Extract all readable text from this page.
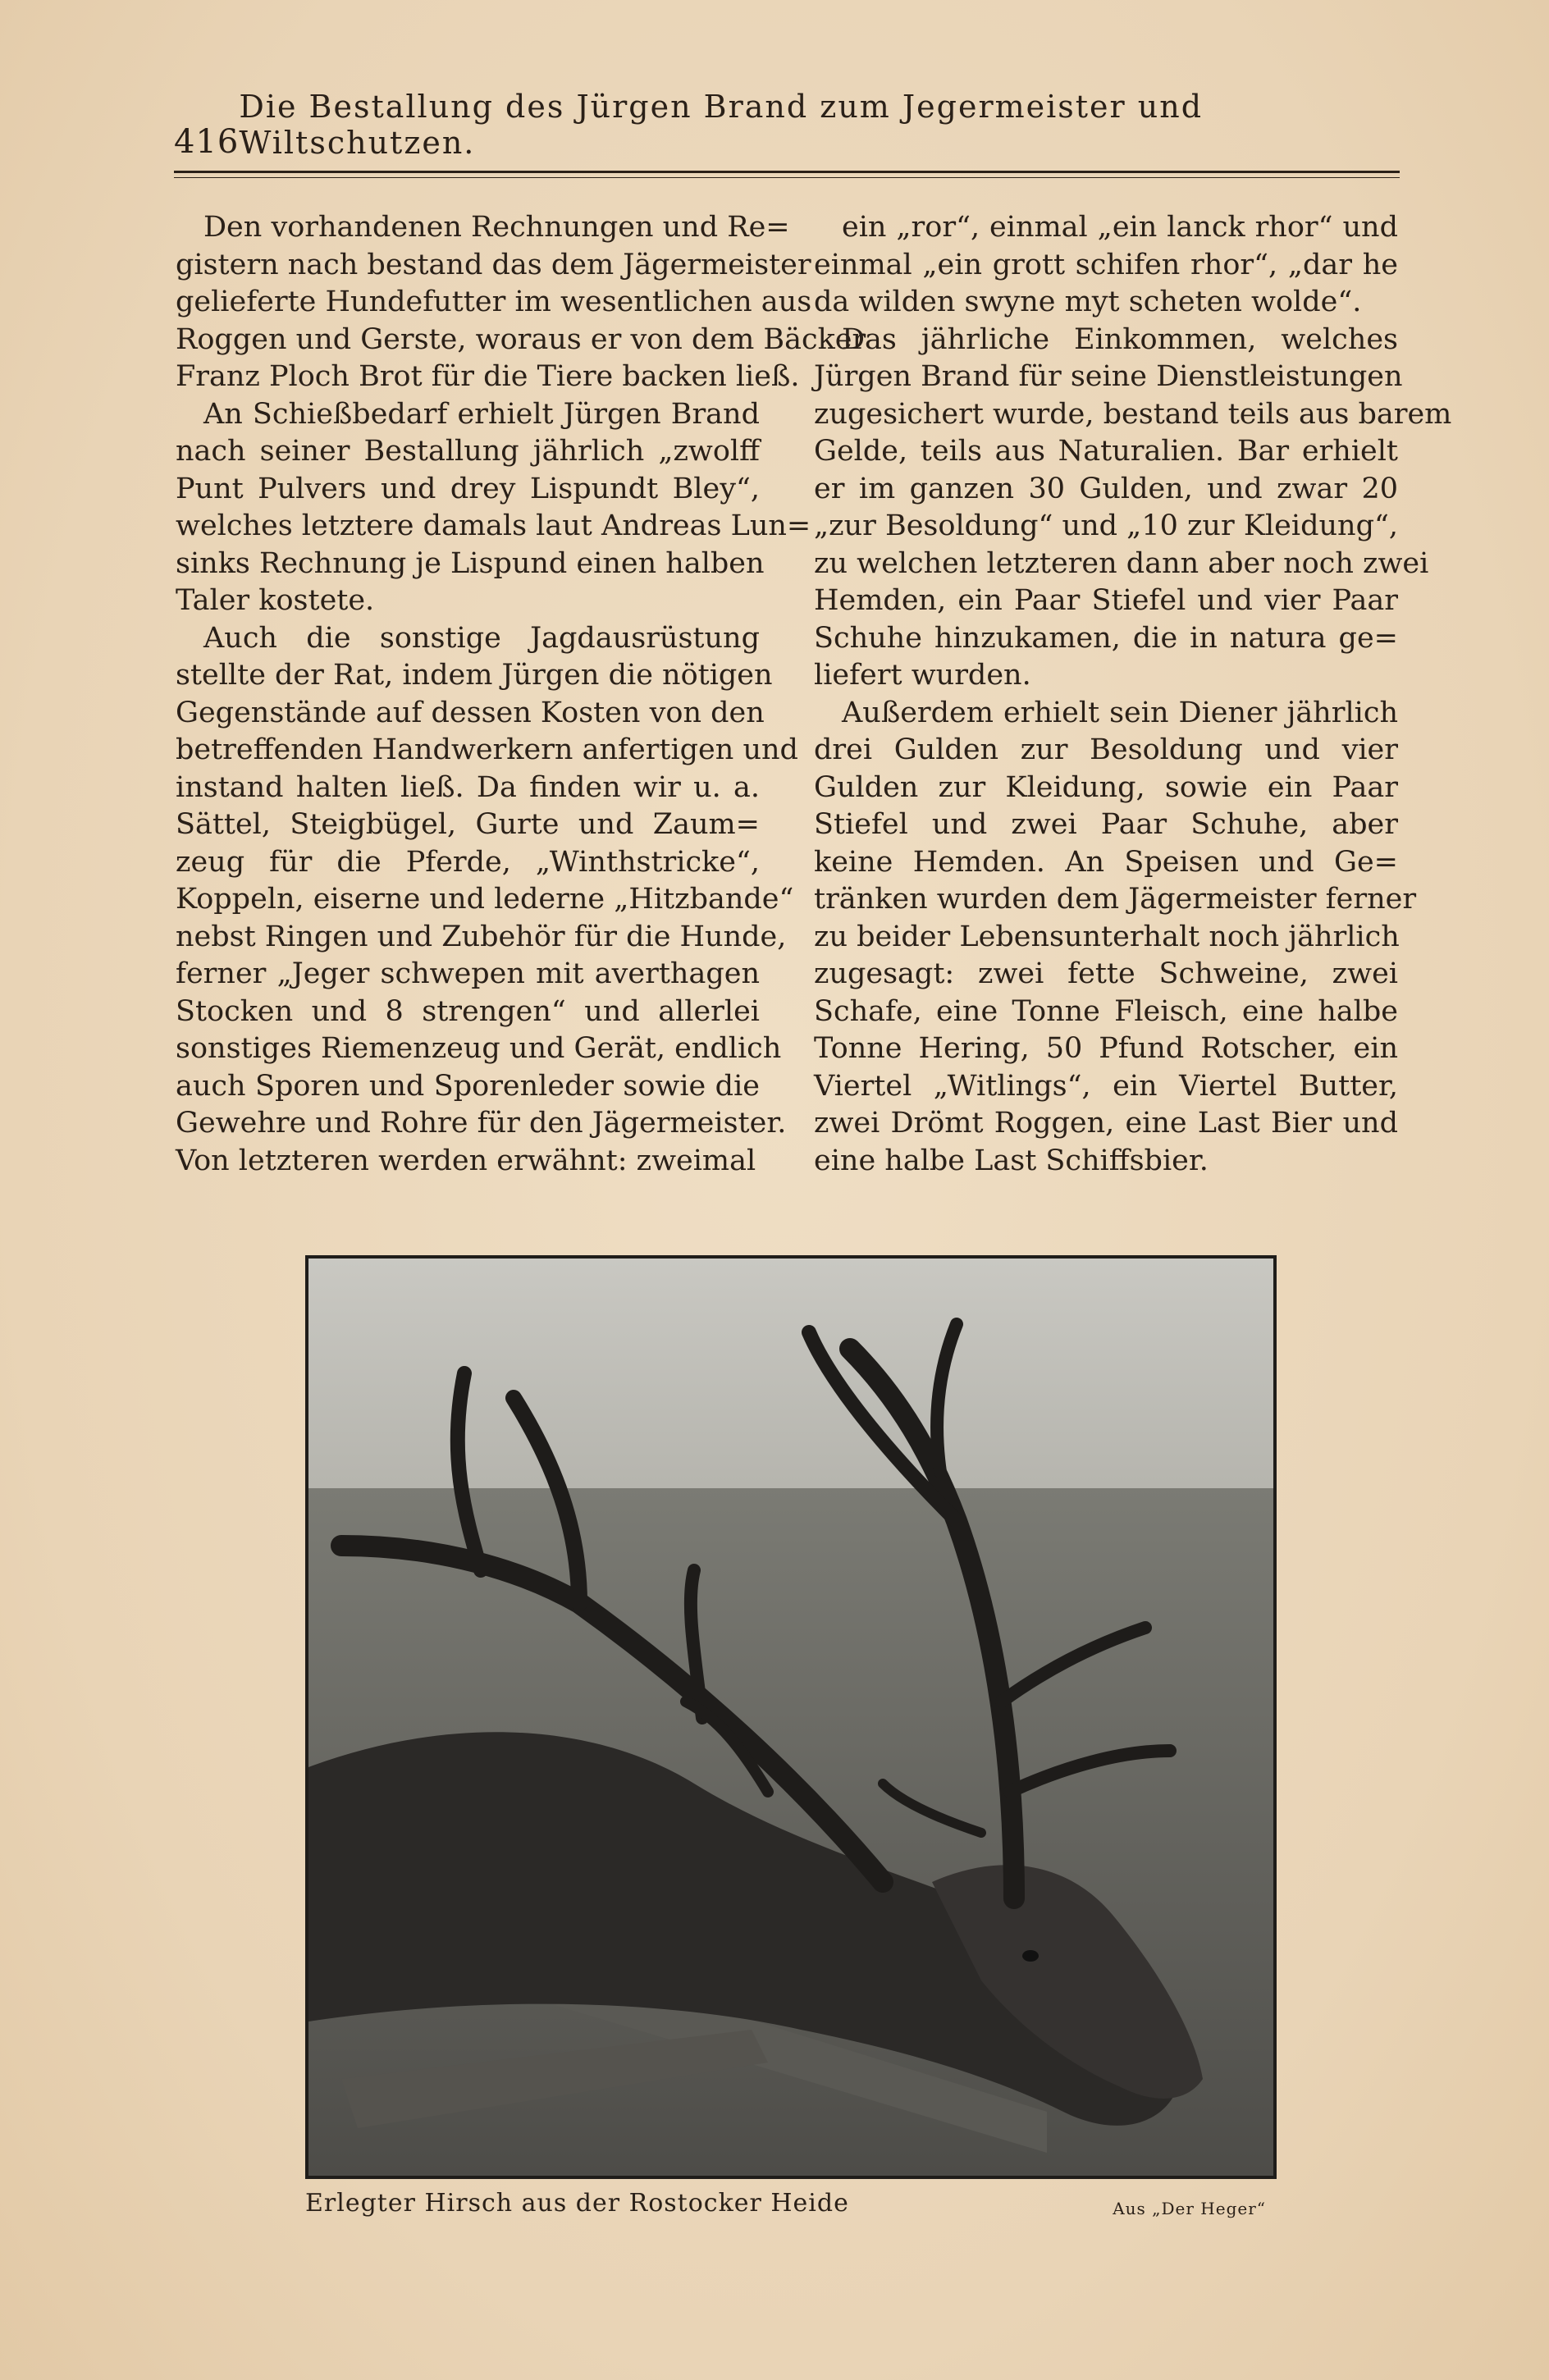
416
Die Bestallung des Jürgen Brand zum Jegermeister und Wiltschutzen.

Den vorhandenen Rechnungen und Re=
gistern nach bestand das dem Jägermeister
gelieferte Hundefutter im wesentlichen aus
Roggen und Gerste, woraus er von dem Bäcker
Franz Ploch Brot für die Tiere backen ließ.

An Schießbedarf erhielt Jürgen Brand
nach seiner Bestallung jährlich „zwolff
Punt Pulvers und drey Lispundt Bley“,
welches letztere damals laut Andreas Lun=
sinks Rechnung je Lispund einen halben
Taler kostete.

Auch die sonstige Jagdausrüstung
stellte der Rat, indem Jürgen die nötigen
Gegenstände auf dessen Kosten von den
betreffenden Handwerkern anfertigen und
instand halten ließ. Da finden wir u. a.
Sättel, Steigbügel, Gurte und Zaum=
zeug für die Pferde, „Winthstricke“,
Koppeln, eiserne und lederne „Hitzbande“
nebst Ringen und Zubehör für die Hunde,
ferner „Jeger schwepen mit averthagen
Stocken und 8 strengen“ und allerlei
sonstiges Riemenzeug und Gerät, endlich
auch Sporen und Sporenleder sowie die
Gewehre und Rohre für den Jägermeister.
Von letzteren werden erwähnt: zweimal

ein „ror“, einmal „ein lanck rhor“ und
einmal „ein grott schifen rhor“, „dar he
da wilden swyne myt scheten wolde“.

Das jährliche Einkommen, welches
Jürgen Brand für seine Dienstleistungen
zugesichert wurde, bestand teils aus barem
Gelde, teils aus Naturalien. Bar erhielt
er im ganzen 30 Gulden, und zwar 20
„zur Besoldung“ und „10 zur Kleidung“,
zu welchen letzteren dann aber noch zwei
Hemden, ein Paar Stiefel und vier Paar
Schuhe hinzukamen, die in natura ge=
liefert wurden.

Außerdem erhielt sein Diener jährlich
drei Gulden zur Besoldung und vier
Gulden zur Kleidung, sowie ein Paar
Stiefel und zwei Paar Schuhe, aber
keine Hemden. An Speisen und Ge=
tränken wurden dem Jägermeister ferner
zu beider Lebensunterhalt noch jährlich
zugesagt: zwei fette Schweine, zwei
Schafe, eine Tonne Fleisch, eine halbe
Tonne Hering, 50 Pfund Rotscher, ein
Viertel „Witlings“, ein Viertel Butter,
zwei Drömt Roggen, eine Last Bier und
eine halbe Last Schiffsbier.

Erlegter Hirsch aus der Rostocker Heide	Aus „Der Heger“
